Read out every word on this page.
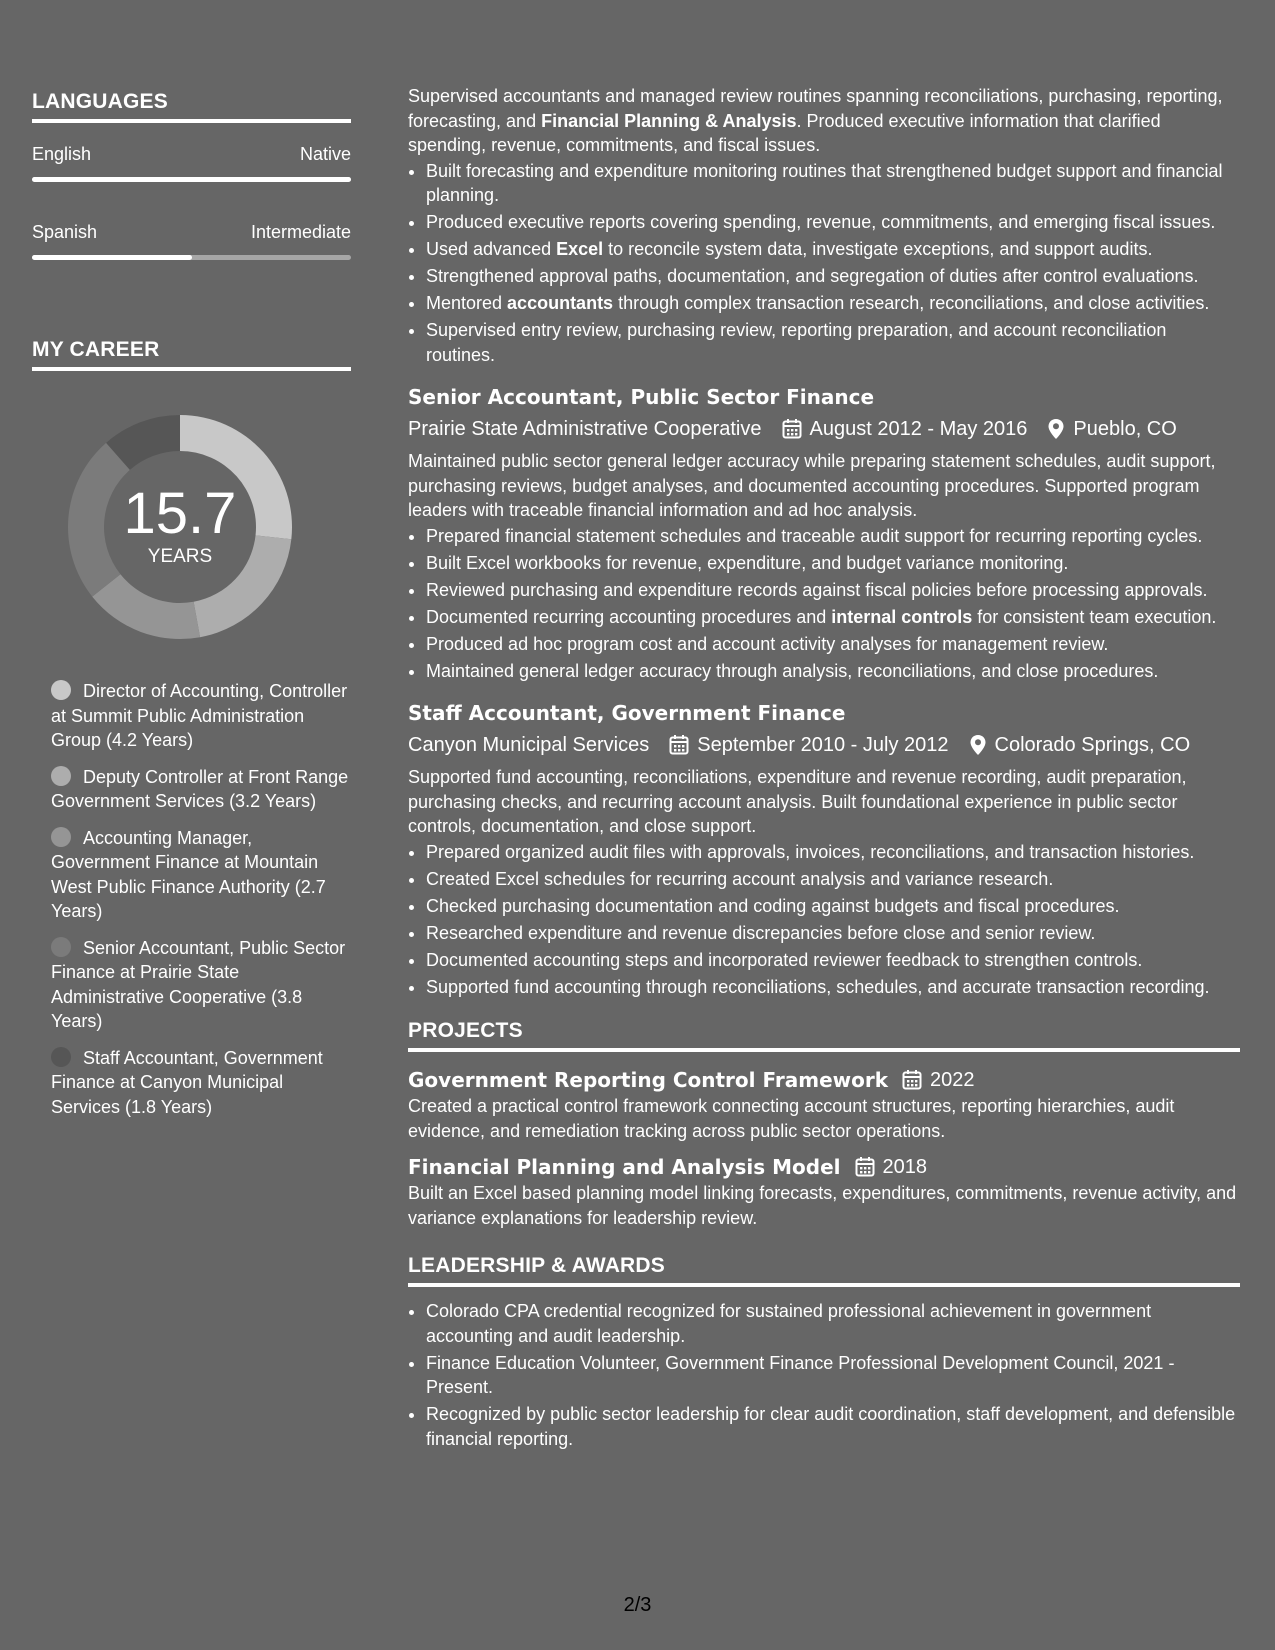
LANGUAGES
English	Native
Spanish	Intermediate
MY CAREER
15.7
YEARS
Director of Accounting, Controller at Summit Public Administration Group (4.2 Years)
Deputy Controller at Front Range Government Services (3.2 Years)
Accounting Manager, Government Finance at Mountain West Public Finance Authority (2.7 Years)
Senior Accountant, Public Sector Finance at Prairie State Administrative Cooperative (3.8 Years)
Staff Accountant, Government Finance at Canyon Municipal Services (1.8 Years)

Supervised accountants and managed review routines spanning reconciliations, purchasing, reporting, forecasting, and Financial Planning & Analysis. Produced executive information that clarified spending, revenue, commitments, and fiscal issues.

• Built forecasting and expenditure monitoring routines that strengthened budget support and financial planning.
• Produced executive reports covering spending, revenue, commitments, and emerging fiscal issues.
• Used advanced Excel to reconcile system data, investigate exceptions, and support audits.
• Strengthened approval paths, documentation, and segregation of duties after control evaluations.
• Mentored accountants through complex transaction research, reconciliations, and close activities.
• Supervised entry review, purchasing review, reporting preparation, and account reconciliation routines.
Senior Accountant, Public Sector Finance
Prairie State Administrative Cooperative August 2012 - May 2016 Pueblo, CO

Maintained public sector general ledger accuracy while preparing statement schedules, audit support, purchasing reviews, budget analyses, and documented accounting procedures. Supported program leaders with traceable financial information and ad hoc analysis.

• Prepared financial statement schedules and traceable audit support for recurring reporting cycles.
• Built Excel workbooks for revenue, expenditure, and budget variance monitoring.
• Reviewed purchasing and expenditure records against fiscal policies before processing approvals.
• Documented recurring accounting procedures and internal controls for consistent team execution.
• Produced ad hoc program cost and account activity analyses for management review.
• Maintained general ledger accuracy through analysis, reconciliations, and close procedures.
Staff Accountant, Government Finance
Canyon Municipal Services September 2010 - July 2012 Colorado Springs, CO

Supported fund accounting, reconciliations, expenditure and revenue recording, audit preparation, purchasing checks, and recurring account analysis. Built foundational experience in public sector controls, documentation, and close support.

• Prepared organized audit files with approvals, invoices, reconciliations, and transaction histories.
• Created Excel schedules for recurring account analysis and variance research.
• Checked purchasing documentation and coding against budgets and fiscal procedures.
• Researched expenditure and revenue discrepancies before close and senior review.
• Documented accounting steps and incorporated reviewer feedback to strengthen controls.
• Supported fund accounting through reconciliations, schedules, and accurate transaction recording.
PROJECTS
Government Reporting Control Framework 2022

Created a practical control framework connecting account structures, reporting hierarchies, audit evidence, and remediation tracking across public sector operations.

Financial Planning and Analysis Model 2018

Built an Excel based planning model linking forecasts, expenditures, commitments, revenue activity, and variance explanations for leadership review.

LEADERSHIP & AWARDS
• Colorado CPA credential recognized for sustained professional achievement in government accounting and audit leadership.
• Finance Education Volunteer, Government Finance Professional Development Council, 2021 - Present.
• Recognized by public sector leadership for clear audit coordination, staff development, and defensible financial reporting.
2/3
